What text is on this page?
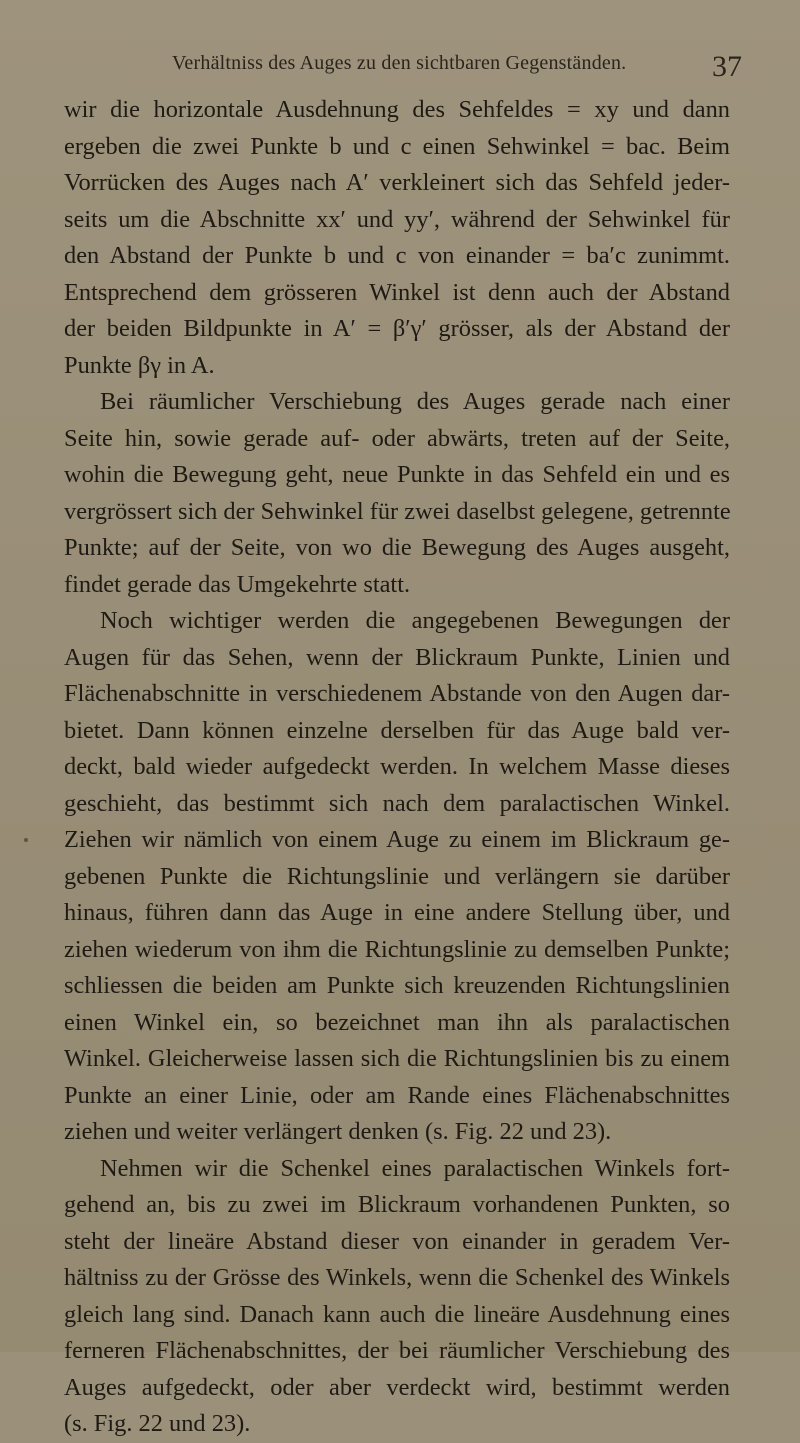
Verhältniss des Auges zu den sichtbaren Gegenständen.	37

wir die horizontale Ausdehnung des Sehfeldes = xy und dann
ergeben die zwei Punkte b und c einen Sehwinkel = bac. Beim
Vorrücken des Auges nach A′ verkleinert sich das Sehfeld jeder-
seits um die Abschnitte xx′ und yy′, während der Sehwinkel für
den Abstand der Punkte b und c von einander = ba′c zunimmt.
Entsprechend dem grösseren Winkel ist denn auch der Abstand
der beiden Bildpunkte in A′ = β′γ′ grösser, als der Abstand der
Punkte βγ in A.

Bei räumlicher Verschiebung des Auges gerade nach einer
Seite hin, sowie gerade auf- oder abwärts, treten auf der Seite,
wohin die Bewegung geht, neue Punkte in das Sehfeld ein und es
vergrössert sich der Sehwinkel für zwei daselbst gelegene, getrennte
Punkte; auf der Seite, von wo die Bewegung des Auges ausgeht,
findet gerade das Umgekehrte statt.

Noch wichtiger werden die angegebenen Bewegungen der
Augen für das Sehen, wenn der Blickraum Punkte, Linien und
Flächenabschnitte in verschiedenem Abstande von den Augen dar-
bietet. Dann können einzelne derselben für das Auge bald ver-
deckt, bald wieder aufgedeckt werden. In welchem Masse dieses
geschieht, das bestimmt sich nach dem paralactischen Winkel.
Ziehen wir nämlich von einem Auge zu einem im Blickraum ge-
gebenen Punkte die Richtungslinie und verlängern sie darüber
hinaus, führen dann das Auge in eine andere Stellung über, und
ziehen wiederum von ihm die Richtungslinie zu demselben Punkte;
schliessen die beiden am Punkte sich kreuzenden Richtungslinien
einen Winkel ein, so bezeichnet man ihn als paralactischen
Winkel. Gleicherweise lassen sich die Richtungslinien bis zu einem
Punkte an einer Linie, oder am Rande eines Flächenabschnittes
ziehen und weiter verlängert denken (s. Fig. 22 und 23).

Nehmen wir die Schenkel eines paralactischen Winkels fort-
gehend an, bis zu zwei im Blickraum vorhandenen Punkten, so
steht der lineäre Abstand dieser von einander in geradem Ver-
hältniss zu der Grösse des Winkels, wenn die Schenkel des Winkels
gleich lang sind. Danach kann auch die lineäre Ausdehnung eines
ferneren Flächenabschnittes, der bei räumlicher Verschiebung des
Auges aufgedeckt, oder aber verdeckt wird, bestimmt werden
(s. Fig. 22 und 23).
